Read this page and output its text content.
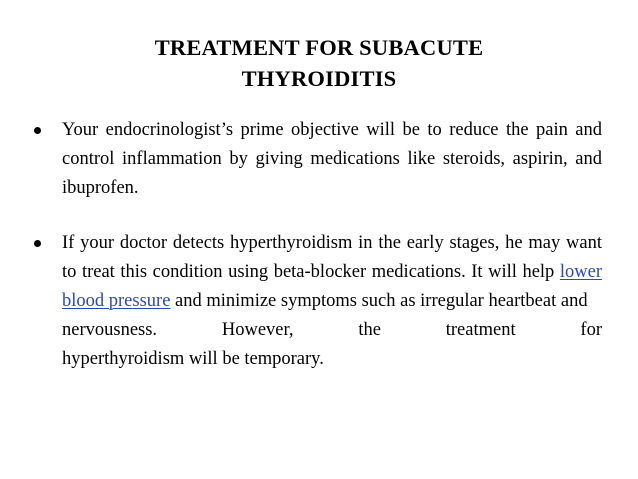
TREATMENT FOR SUBACUTE
THYROIDITIS
Your endocrinologist’s prime objective will be to reduce the pain and control inflammation by giving medications like steroids, aspirin, and ibuprofen.
If your doctor detects hyperthyroidism in the early stages, he may want to treat this condition using beta-blocker medications. It will help lower blood pressure and minimize symptoms such as irregular heartbeat and
nervousness. However, the treatment for
hyperthyroidism will be temporary.
